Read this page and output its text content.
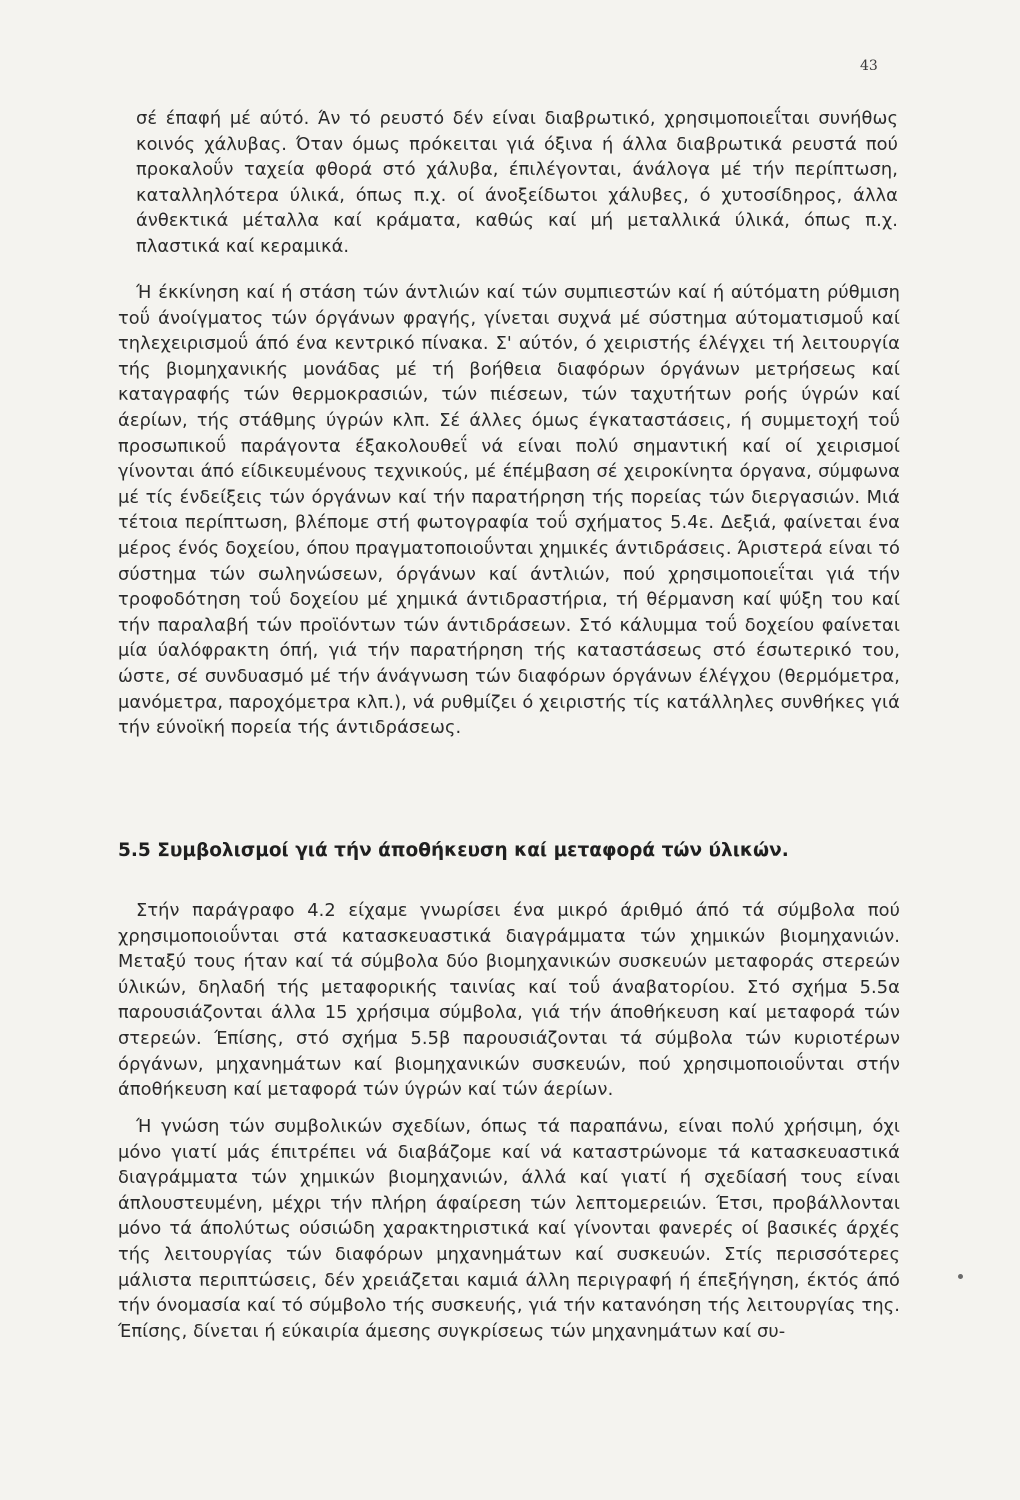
43

σέ έπαφή μέ αύτό. Άν τό ρευστό δέν είναι διαβρωτικό, χρησιμοποιεΐται συνήθως κοινός χάλυβας. Όταν όμως πρόκειται γιά όξινα ή άλλα διαβρωτικά ρευστά πού προκαλοΰν ταχεία φθορά στό χάλυβα, έπιλέγονται, άνάλογα μέ τήν περίπτωση, καταλληλότερα ύλικά, όπως π.χ. οί άνοξείδωτοι χάλυβες, ό χυτοσίδηρος, άλλα άνθεκτικά μέταλλα καί κράματα, καθώς καί μή μεταλλικά ύλικά, όπως π.χ. πλαστικά καί κεραμικά.

Ή έκκίνηση καί ή στάση τών άντλιών καί τών συμπιεστών καί ή αύτόματη ρύθμιση τοΰ άνοίγματος τών όργάνων φραγής, γίνεται συχνά μέ σύστημα αύτοματισμοΰ καί τηλεχειρισμοΰ άπό ένα κεντρικό πίνακα. Σ' αύτόν, ό χειριστής έλέγχει τή λειτουργία τής βιομηχανικής μονάδας μέ τή βοήθεια διαφόρων όργάνων μετρήσεως καί καταγραφής τών θερμοκρασιών, τών πιέσεων, τών ταχυτήτων ροής ύγρών καί άερίων, τής στάθμης ύγρών κλπ. Σέ άλλες όμως έγκαταστάσεις, ή συμμετοχή τοΰ προσωπικοΰ παράγοντα έξακολουθεΐ νά είναι πολύ σημαντική καί οί χειρισμοί γίνονται άπό είδικευμένους τεχνικούς, μέ έπέμβαση σέ χειροκίνητα όργανα, σύμφωνα μέ τίς ένδείξεις τών όργάνων καί τήν παρατήρηση τής πορείας τών διεργασιών. Μιά τέτοια περίπτωση, βλέπομε στή φωτογραφία τοΰ σχήματος 5.4ε. Δεξιά, φαίνεται ένα μέρος ένός δοχείου, όπου πραγματοποιοΰνται χημικές άντιδράσεις. Άριστερά είναι τό σύστημα τών σωληνώσεων, όργάνων καί άντλιών, πού χρησιμοποιεΐται γιά τήν τροφοδότηση τοΰ δοχείου μέ χημικά άντιδραστήρια, τή θέρμανση καί ψύξη του καί τήν παραλαβή τών προϊόντων τών άντιδράσεων. Στό κάλυμμα τοΰ δοχείου φαίνεται μία ύαλόφρακτη όπή, γιά τήν παρατήρηση τής καταστάσεως στό έσωτερικό του, ώστε, σέ συνδυασμό μέ τήν άνάγνωση τών διαφόρων όργάνων έλέγχου (θερμόμετρα, μανόμετρα, παροχόμετρα κλπ.), νά ρυθμίζει ό χειριστής τίς κατάλληλες συνθήκες γιά τήν εύνοϊκή πορεία τής άντιδράσεως.

5.5 Συμβολισμοί γιά τήν άποθήκευση καί μεταφορά τών ύλικών.

Στήν παράγραφο 4.2 είχαμε γνωρίσει ένα μικρό άριθμό άπό τά σύμβολα πού χρησιμοποιοΰνται στά κατασκευαστικά διαγράμματα τών χημικών βιομηχανιών. Μεταξύ τους ήταν καί τά σύμβολα δύο βιομηχανικών συσκευών μεταφοράς στερεών ύλικών, δηλαδή τής μεταφορικής ταινίας καί τοΰ άναβατορίου. Στό σχήμα 5.5α παρουσιάζονται άλλα 15 χρήσιμα σύμβολα, γιά τήν άποθήκευση καί μεταφορά τών στερεών. Έπίσης, στό σχήμα 5.5β παρουσιάζονται τά σύμβολα τών κυριοτέρων όργάνων, μηχανημάτων καί βιομηχανικών συσκευών, πού χρησιμοποιοΰνται στήν άποθήκευση καί μεταφορά τών ύγρών καί τών άερίων.

Ή γνώση τών συμβολικών σχεδίων, όπως τά παραπάνω, είναι πολύ χρήσιμη, όχι μόνο γιατί μάς έπιτρέπει νά διαβάζομε καί νά καταστρώνομε τά κατασκευαστικά διαγράμματα τών χημικών βιομηχανιών, άλλά καί γιατί ή σχεδίασή τους είναι άπλουστευμένη, μέχρι τήν πλήρη άφαίρεση τών λεπτομερειών. Έτσι, προβάλλονται μόνο τά άπολύτως ούσιώδη χαρακτηριστικά καί γίνονται φανερές οί βασικές άρχές τής λειτουργίας τών διαφόρων μηχανημάτων καί συσκευών. Στίς περισσότερες μάλιστα περιπτώσεις, δέν χρειάζεται καμιά άλλη περιγραφή ή έπεξήγηση, έκτός άπό τήν όνομασία καί τό σύμβολο τής συσκευής, γιά τήν κατανόηση τής λειτουργίας της. Έπίσης, δίνεται ή εύκαιρία άμεσης συγκρίσεως τών μηχανημάτων καί συ-
